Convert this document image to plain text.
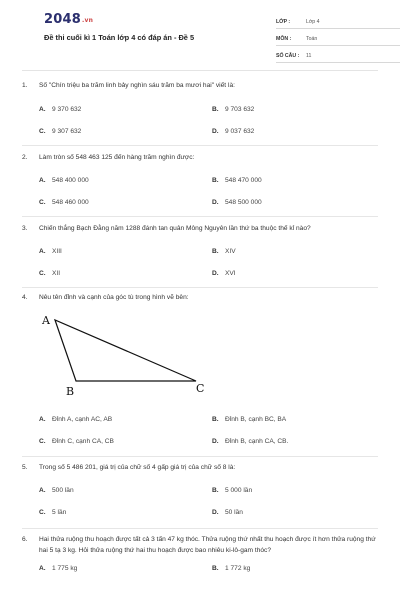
2048.vn
Đề thi cuối kì 1 Toán lớp 4 có đáp án - Đề 5
LỚP :	Lớp 4
MÔN :	Toán
SỐ CÂU :	11
1.	Số "Chín triệu ba trăm linh bảy nghìn sáu trăm ba mươi hai" viết là:
A. 9 370 632	B. 9 703 632
C. 9 307 632	D. 9 037 632
2.	Làm tròn số 548 463 125 đến hàng trăm nghìn được:
A. 548 400 000	B. 548 470 000
C. 548 460 000	D. 548 500 000
3.	Chiến thắng Bạch Đằng năm 1288 đánh tan quân Mông Nguyên lần thứ ba thuộc thế kỉ nào?
A. XIII	B. XIV
C. XII	D. XVI
4.	Nêu tên đỉnh và cạnh của góc tù trong hình vẽ bên:
A
B	C
A. Đỉnh A, cạnh AC, AB	B. Đỉnh B, cạnh BC, BA
C. Đỉnh C, cạnh CA, CB	D. Đỉnh B, cạnh CA, CB.
5.	Trong số 5 486 201, giá trị của chữ số 4 gấp giá trị của chữ số 8 là:
A. 500 lần	B. 5 000 lần
C. 5 lần	D. 50 lần
6.	Hai thửa ruộng thu hoạch được tất cả 3 tấn 47 kg thóc. Thửa ruộng thứ nhất thu hoạch được ít hơn thửa ruộng thứ hai 5 tạ 3 kg. Hỏi thửa ruộng thứ hai thu hoạch được bao nhiêu ki-lô-gam thóc?
A. 1 775 kg	B. 1 772 kg
